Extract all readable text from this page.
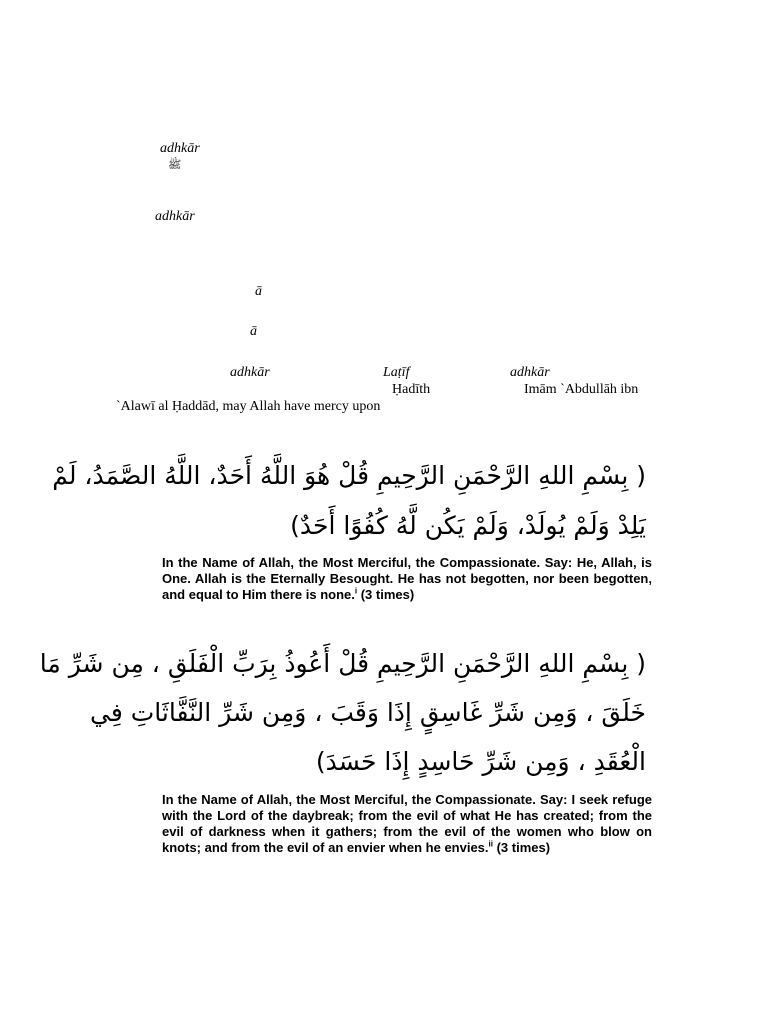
adhkār
ﷺ
adhkār
ā
ā
adhkār	Laṭīf	adhkār
Ḥadīth	Imām `Abdullāh ibn
`Alawī al Ḥaddād, may Allah have mercy upon
( بِسْمِ اللهِ الرَّحْمَنِ الرَّحِيمِ قُلْ هُوَ اللَّهُ أَحَدٌ، اللَّهُ الصَّمَدُ، لَمْ
يَلِدْ وَلَمْ يُولَدْ، وَلَمْ يَكُن لَّهُ كُفُوًا أَحَدٌ)

In the Name of Allah, the Most Merciful, the Compassionate. Say: He, Allah, is One. Allah is the Eternally Besought. He has not begotten, nor been begotten, and equal to Him there is none.$^i$ (3 times)

( بِسْمِ اللهِ الرَّحْمَنِ الرَّحِيمِ قُلْ أَعُوذُ بِرَبِّ الْفَلَقِ ، مِن شَرِّ مَا
خَلَقَ ، وَمِن شَرِّ غَاسِقٍ إِذَا وَقَبَ ، وَمِن شَرِّ النَّفَّاثَاتِ فِي
الْعُقَدِ ، وَمِن شَرِّ حَاسِدٍ إِذَا حَسَدَ)

In the Name of Allah, the Most Merciful, the Compassionate. Say: I seek refuge with the Lord of the daybreak; from the evil of what He has created; from the evil of darkness when it gathers; from the evil of the women who blow on knots; and from the evil of an envier when he envies.$^{ii}$ (3 times)
